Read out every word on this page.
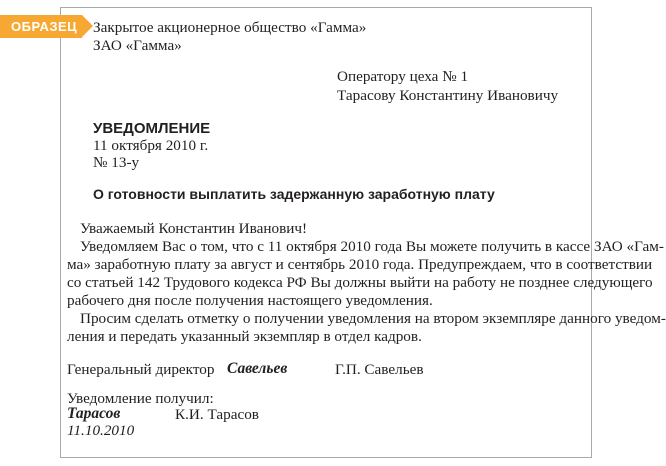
ОБРАЗЕЦ	Закрытое акционерное общество «Гамма»
ЗАО «Гамма»
Оператору цеха № 1
Тарасову Константину Ивановичу
УВЕДОМЛЕНИЕ
11 октября 2010 г.
№ 13-у
О готовности выплатить задержанную заработную плату
Уважаемый Константин Иванович!
Уведомляем Вас о том, что с 11 октября 2010 года Вы можете получить в кассе ЗАО «Гам-
ма» заработную плату за август и сентябрь 2010 года. Предупреждаем, что в соответствии
со статьей 142 Трудового кодекса РФ Вы должны выйти на работу не позднее следующего
рабочего дня после получения настоящего уведомления.
Просим сделать отметку о получении уведомления на втором экземпляре данного уведом-
ления и передать указанный экземпляр в отдел кадров.
Генеральный директор Савельев	Г.П. Савельев
Уведомление получил:
Тарасов	К.И. Тарасов
11.10.2010
